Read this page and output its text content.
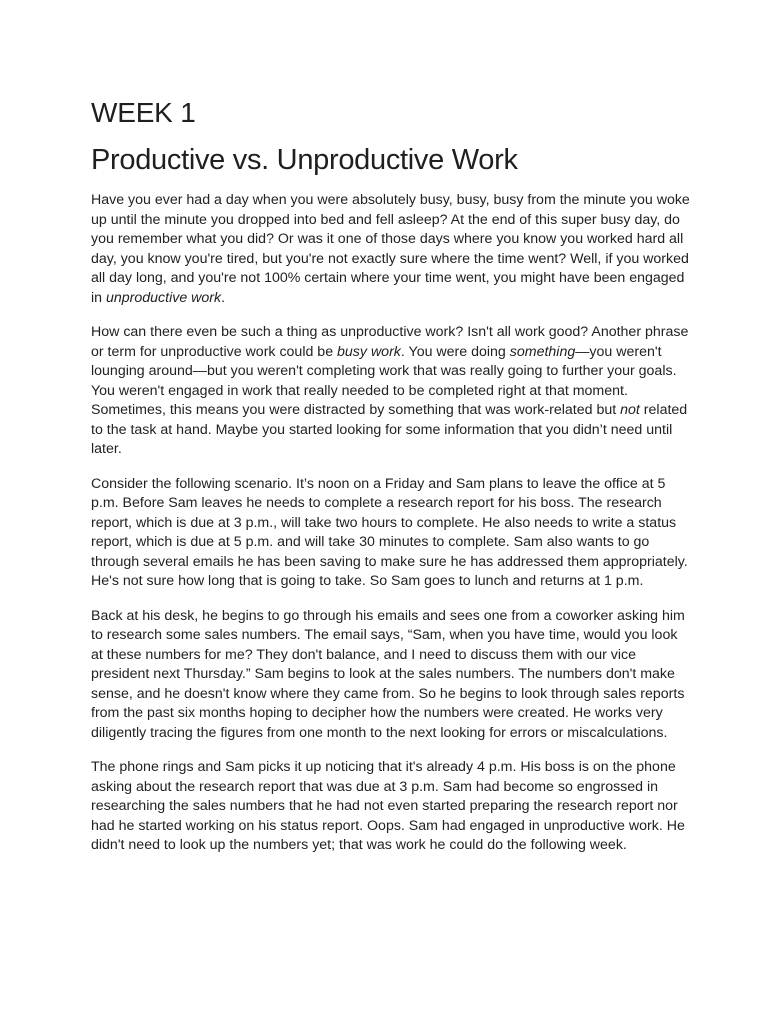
WEEK 1
Productive vs. Unproductive Work

Have you ever had a day when you were absolutely busy, busy, busy from the minute you woke up until the minute you dropped into bed and fell asleep? At the end of this super busy day, do you remember what you did? Or was it one of those days where you know you worked hard all day, you know you're tired, but you're not exactly sure where the time went? Well, if you worked all day long, and you're not 100% certain where your time went, you might have been engaged in unproductive work.

How can there even be such a thing as unproductive work? Isn't all work good? Another phrase or term for unproductive work could be busy work. You were doing something—you weren't lounging around—but you weren't completing work that was really going to further your goals. You weren't engaged in work that really needed to be completed right at that moment. Sometimes, this means you were distracted by something that was work-related but not related to the task at hand. Maybe you started looking for some information that you didn’t need until later.

Consider the following scenario. It’s noon on a Friday and Sam plans to leave the office at 5 p.m. Before Sam leaves he needs to complete a research report for his boss. The research report, which is due at 3 p.m., will take two hours to complete. He also needs to write a status report, which is due at 5 p.m. and will take 30 minutes to complete. Sam also wants to go through several emails he has been saving to make sure he has addressed them appropriately. He's not sure how long that is going to take. So Sam goes to lunch and returns at 1 p.m.

Back at his desk, he begins to go through his emails and sees one from a coworker asking him to research some sales numbers. The email says, “Sam, when you have time, would you look at these numbers for me? They don't balance, and I need to discuss them with our vice president next Thursday.” Sam begins to look at the sales numbers. The numbers don't make sense, and he doesn't know where they came from. So he begins to look through sales reports from the past six months hoping to decipher how the numbers were created. He works very diligently tracing the figures from one month to the next looking for errors or miscalculations.

The phone rings and Sam picks it up noticing that it's already 4 p.m. His boss is on the phone asking about the research report that was due at 3 p.m. Sam had become so engrossed in researching the sales numbers that he had not even started preparing the research report nor had he started working on his status report. Oops. Sam had engaged in unproductive work. He didn't need to look up the numbers yet; that was work he could do the following week.
